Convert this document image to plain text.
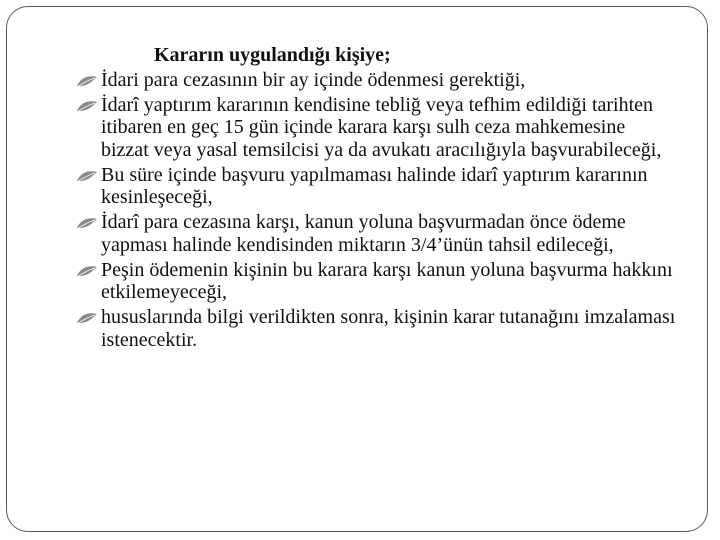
Kararın uygulandığı kişiye;
İdari para cezasının bir ay içinde ödenmesi gerektiği,
İdarî yaptırım kararının kendisine tebliğ veya tefhim edildiği tarihten itibaren en geç 15 gün içinde karara karşı sulh ceza mahkemesine bizzat veya yasal temsilcisi ya da avukatı aracılığıyla başvurabileceği,
Bu süre içinde başvuru yapılmaması halinde idarî yaptırım kararının kesinleşeceği,
İdarî para cezasına karşı, kanun yoluna başvurmadan önce ödeme yapması halinde kendisinden miktarın 3/4’ünün tahsil edileceği,
Peşin ödemenin kişinin bu karara karşı kanun yoluna başvurma hakkını etkilemeyeceği,
hususlarında bilgi verildikten sonra, kişinin karar tutanağını imzalaması istenecektir.
